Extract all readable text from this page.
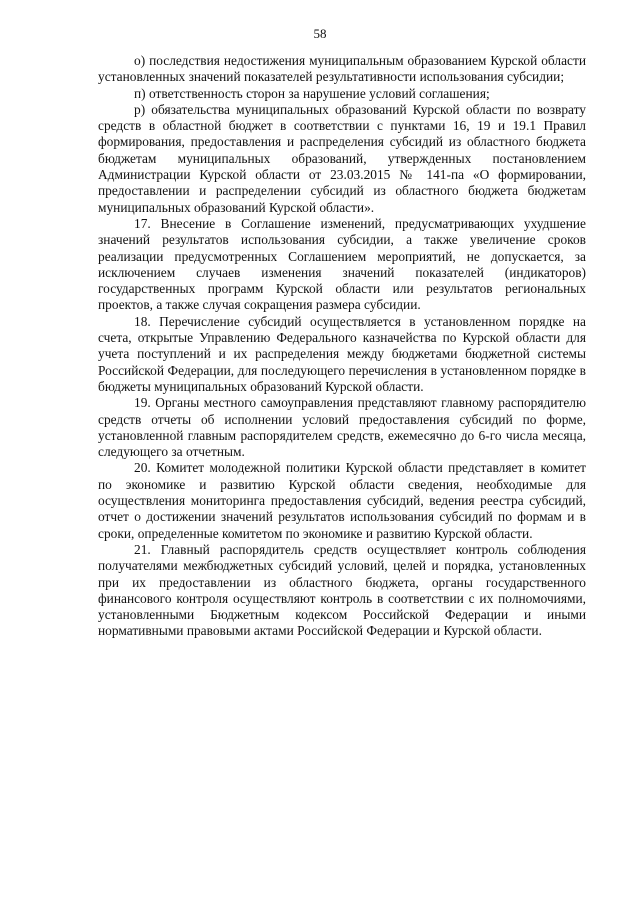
58

о) последствия недостижения муниципальным образованием Курской области установленных значений показателей результативности использования субсидии;

п) ответственность сторон за нарушение условий соглашения;

р) обязательства муниципальных образований Курской области по возврату средств в областной бюджет в соответствии с пунктами 16, 19 и 19.1 Правил формирования, предоставления и распределения субсидий из областного бюджета бюджетам муниципальных образований, утвержденных постановлением Администрации Курской области от 23.03.2015 № 141-па «О формировании, предоставлении и распределении субсидий из областного бюджета бюджетам муниципальных образований Курской области».

17. Внесение в Соглашение изменений, предусматривающих ухудшение значений результатов использования субсидии, а также увеличение сроков реализации предусмотренных Соглашением мероприятий, не допускается, за исключением случаев изменения значений показателей (индикаторов) государственных программ Курской области или результатов региональных проектов, а также случая сокращения размера субсидии.

18. Перечисление субсидий осуществляется в установленном порядке на счета, открытые Управлению Федерального казначейства по Курской области для учета поступлений и их распределения между бюджетами бюджетной системы Российской Федерации, для последующего перечисления в установленном порядке в бюджеты муниципальных образований Курской области.

19. Органы местного самоуправления представляют главному распорядителю средств отчеты об исполнении условий предоставления субсидий по форме, установленной главным распорядителем средств, ежемесячно до 6-го числа месяца, следующего за отчетным.

20. Комитет молодежной политики Курской области представляет в комитет по экономике и развитию Курской области сведения, необходимые для осуществления мониторинга предоставления субсидий, ведения реестра субсидий, отчет о достижении значений результатов использования субсидий по формам и в сроки, определенные комитетом по экономике и развитию Курской области.

21. Главный распорядитель средств осуществляет контроль соблюдения получателями межбюджетных субсидий условий, целей и порядка, установленных при их предоставлении из областного бюджета, органы государственного финансового контроля осуществляют контроль в соответствии с их полномочиями, установленными Бюджетным кодексом Российской Федерации и иными нормативными правовыми актами Российской Федерации и Курской области.
